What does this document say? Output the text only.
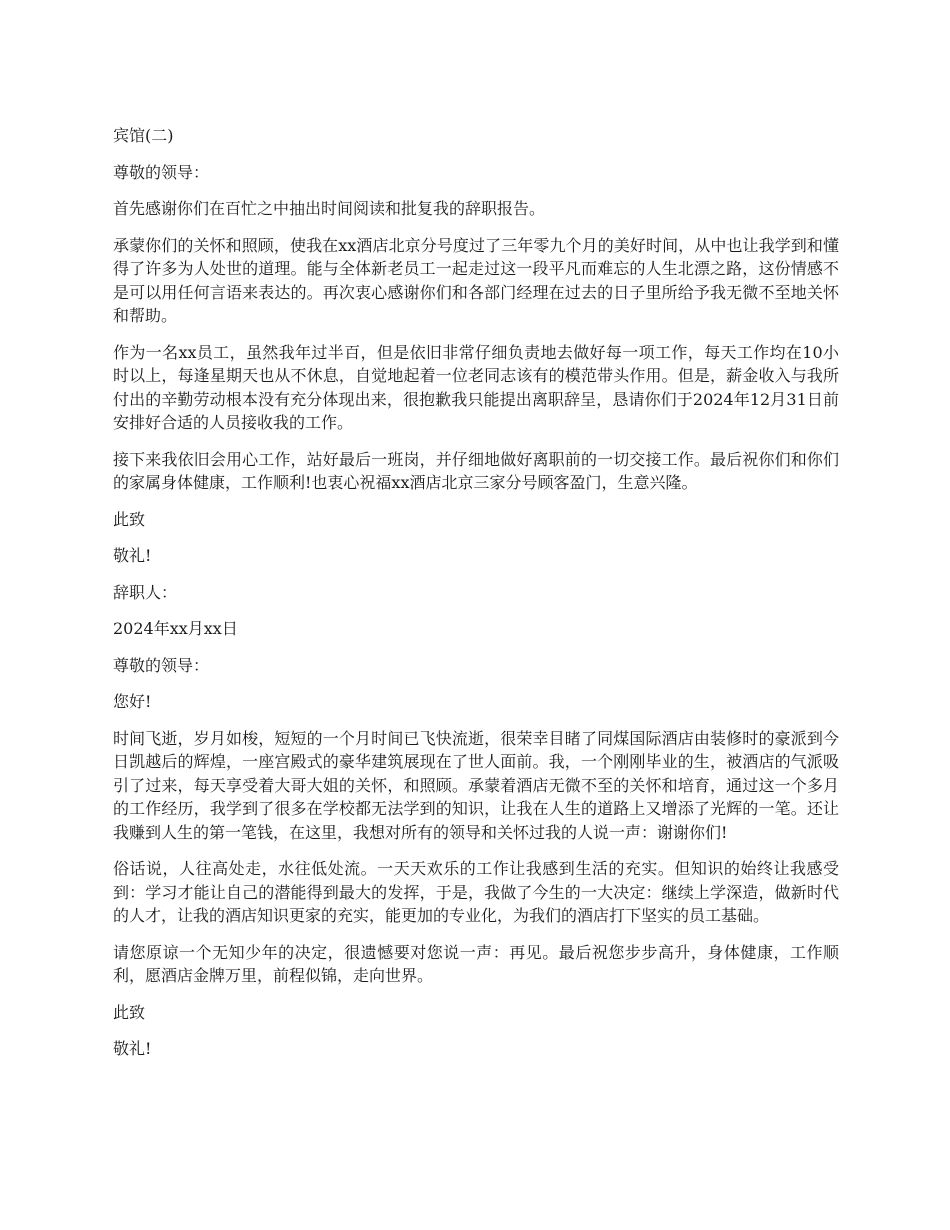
宾馆(二)

尊敬的领导：

首先感谢你们在百忙之中抽出时间阅读和批复我的辞职报告。

承蒙你们的关怀和照顾，使我在xx酒店北京分号度过了三年零九个月的美好时间，从中也让我学到和懂得了许多为人处世的道理。能与全体新老员工一起走过这一段平凡而难忘的人生北漂之路，这份情感不是可以用任何言语来表达的。再次衷心感谢你们和各部门经理在过去的日子里所给予我无微不至地关怀和帮助。

作为一名xx员工，虽然我年过半百，但是依旧非常仔细负责地去做好每一项工作，每天工作均在10小时以上，每逢星期天也从不休息，自觉地起着一位老同志该有的模范带头作用。但是，薪金收入与我所付出的辛勤劳动根本没有充分体现出来，很抱歉我只能提出离职辞呈，恳请你们于2024年12月31日前安排好合适的人员接收我的工作。

接下来我依旧会用心工作，站好最后一班岗，并仔细地做好离职前的一切交接工作。最后祝你们和你们的家属身体健康，工作顺利!也衷心祝福xx酒店北京三家分号顾客盈门，生意兴隆。

此致

敬礼!

辞职人：

2024年xx月xx日

尊敬的领导：

您好!

时间飞逝，岁月如梭，短短的一个月时间已飞快流逝，很荣幸目睹了同煤国际酒店由装修时的豪派到今日凯越后的辉煌，一座宫殿式的豪华建筑展现在了世人面前。我，一个刚刚毕业的生，被酒店的气派吸引了过来，每天享受着大哥大姐的关怀，和照顾。承蒙着酒店无微不至的关怀和培育，通过这一个多月的工作经历，我学到了很多在学校都无法学到的知识，让我在人生的道路上又增添了光辉的一笔。还让我赚到人生的第一笔钱，在这里，我想对所有的领导和关怀过我的人说一声：谢谢你们!

俗话说，人往高处走，水往低处流。一天天欢乐的工作让我感到生活的充实。但知识的始终让我感受到：学习才能让自己的潜能得到最大的发挥，于是，我做了今生的一大决定：继续上学深造，做新时代的人才，让我的酒店知识更家的充实，能更加的专业化，为我们的酒店打下坚实的员工基础。

请您原谅一个无知少年的决定，很遗憾要对您说一声：再见。最后祝您步步高升，身体健康，工作顺利，愿酒店金牌万里，前程似锦，走向世界。

此致

敬礼!
